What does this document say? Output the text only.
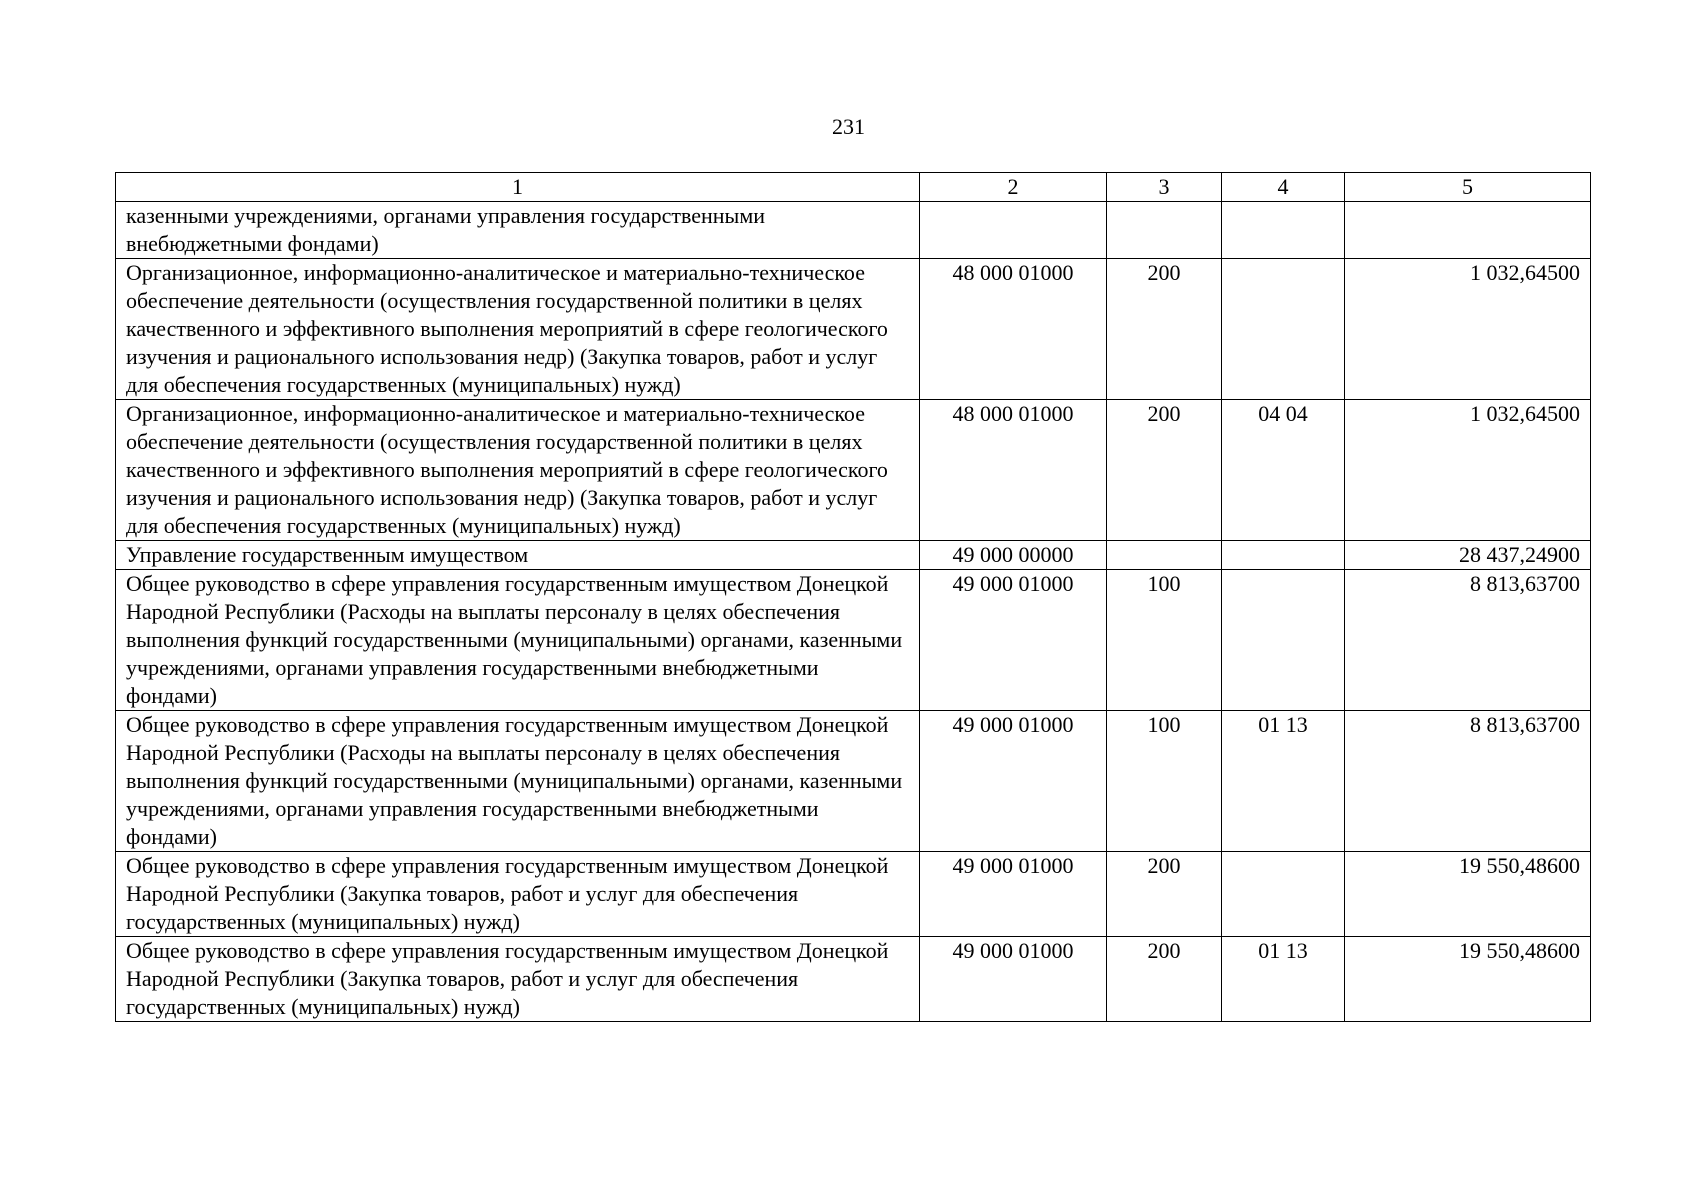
231
1	2	3	4	5
казенными учреждениями, органами управления государственными внебюджетными фондами)				
Организационное, информационно-аналитическое и материально-техническое обеспечение деятельности (осуществления государственной политики в целях качественного и эффективного выполнения мероприятий в сфере геологического изучения и рационального использования недр) (Закупка товаров, работ и услуг для обеспечения государственных (муниципальных) нужд)	48 000 01000	200		1 032,64500
Организационное, информационно-аналитическое и материально-техническое обеспечение деятельности (осуществления государственной политики в целях качественного и эффективного выполнения мероприятий в сфере геологического изучения и рационального использования недр) (Закупка товаров, работ и услуг для обеспечения государственных (муниципальных) нужд)	48 000 01000	200	04 04	1 032,64500
Управление государственным имуществом	49 000 00000			28 437,24900
Общее руководство в сфере управления государственным имуществом Донецкой Народной Республики (Расходы на выплаты персоналу в целях обеспечения выполнения функций государственными (муниципальными) органами, казенными учреждениями, органами управления государственными внебюджетными фондами)	49 000 01000	100		8 813,63700
Общее руководство в сфере управления государственным имуществом Донецкой Народной Республики (Расходы на выплаты персоналу в целях обеспечения выполнения функций государственными (муниципальными) органами, казенными учреждениями, органами управления государственными внебюджетными фондами)	49 000 01000	100	01 13	8 813,63700
Общее руководство в сфере управления государственным имуществом Донецкой Народной Республики (Закупка товаров, работ и услуг для обеспечения государственных (муниципальных) нужд)	49 000 01000	200		19 550,48600
Общее руководство в сфере управления государственным имуществом Донецкой Народной Республики (Закупка товаров, работ и услуг для обеспечения государственных (муниципальных) нужд)	49 000 01000	200	01 13	19 550,48600
